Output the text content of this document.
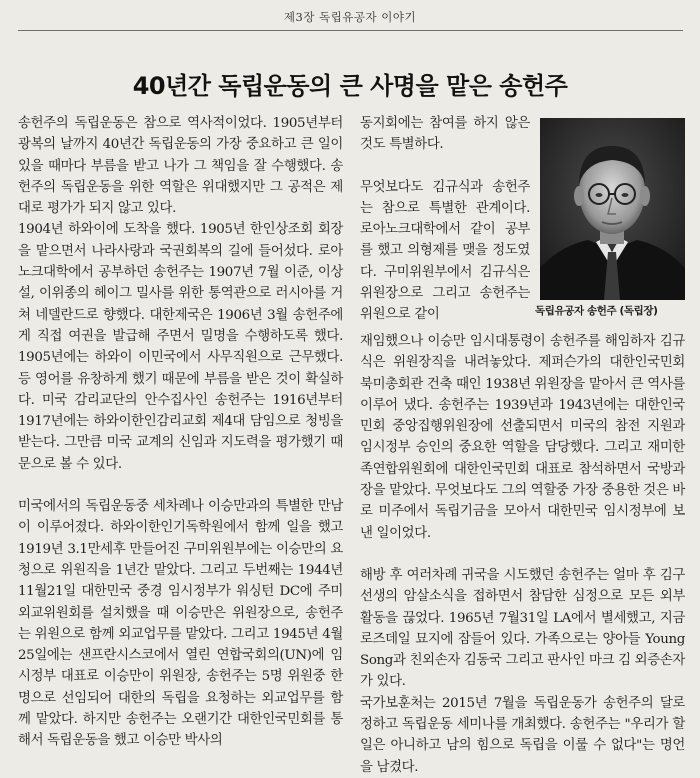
제3장 독립유공자 이야기
40년간 독립운동의 큰 사명을 맡은 송헌주

송헌주의 독립운동은 참으로 역사적이었다. 1905년부터 광복의 날까지 40년간 독립운동의 가장 중요하고 큰 일이 있을 때마다 부름을 받고 나가 그 책임을 잘 수행했다. 송헌주의 독립운동을 위한 역할은 위대했지만 그 공적은 제대로 평가가 되지 않고 있다.

1904년 하와이에 도착을 했다. 1905년 한인상조회 회장을 맡으면서 나라사랑과 국권회복의 길에 들어섰다. 로아노크대학에서 공부하던 송헌주는 1907년 7월 이준, 이상설, 이위종의 헤이그 밀사를 위한 통역관으로 러시아를 거쳐 네델란드로 향했다. 대한제국은 1906년 3월 송헌주에게 직접 여권을 발급해 주면서 밀명을 수행하도록 했다. 1905년에는 하와이 이민국에서 사무직원으로 근무했다. 등 영어를 유창하게 했기 때문에 부름을 받은 것이 확실하다. 미국 감리교단의 안수집사인 송헌주는 1916년부터 1917년에는 하와이한인감리교회 제4대 담임으로 청빙을 받는다. 그만큼 미국 교계의 신임과 지도력을 평가했기 때문으로 볼 수 있다.

미국에서의 독립운동중 세차례나 이승만과의 특별한 만남이 이루어졌다. 하와이한인기독학원에서 함께 일을 했고 1919년 3.1만세후 만들어진 구미위원부에는 이승만의 요청으로 위원직을 1년간 맡았다. 그리고 두번째는 1944년 11월21일 대한민국 중경 임시정부가 워싱턴 DC에 주미외교위원회를 설치했을 때 이승만은 위원장으로, 송헌주는 위원으로 함께 외교업무를 맡았다. 그리고 1945년 4월25일에는 샌프란시스코에서 열린 연합국회의(UN)에 임시정부 대표로 이승만이 위원장, 송헌주는 5명 위원중 한명으로 선임되어 대한의 독립을 요청하는 외교업무를 함께 맡았다. 하지만 송헌주는 오랜기간 대한인국민회를 통해서 독립운동을 했고 이승만 박사의

동지회에는 참여를 하지 않은 것도 특별하다.

무엇보다도 김규식과 송헌주는 참으로 특별한 관계이다. 로아노크대학에서 같이 공부를 했고 의형제를 맺을 정도였다. 구미위원부에서 김규식은 위원장으로 그리고 송헌주는 위원으로 같이	독립유공자 송헌주 (독립장)

재임했으나 이승만 임시대통령이 송헌주를 해임하자 김규식은 위원장직을 내려놓았다. 제퍼슨가의 대한인국민회 북미총회관 건축 때인 1938년 위원장을 맡아서 큰 역사를 이루어 냈다. 송헌주는 1939년과 1943년에는 대한인국민회 중앙집행위원장에 선출되면서 미국의 참전 지원과 임시정부 승인의 중요한 역할을 담당했다. 그리고 재미한족연합위원회에 대한인국민회 대표로 참석하면서 국방과장을 맡았다. 무엇보다도 그의 역할중 가장 중용한 것은 바로 미주에서 독립기금을 모아서 대한민국 임시정부에 보낸 일이었다.

해방 후 여러차례 귀국을 시도했던 송헌주는 얼마 후 김구 선생의 암살소식을 접하면서 참담한 심정으로 모든 외부 활동을 끊었다. 1965년 7월31일 LA에서 별세했고, 지금 로즈데일 묘지에 잠들어 있다. 가족으로는 양아들 Young Song과 친외손자 김동국 그리고 판사인 마크 김 외증손자가 있다.

국가보훈처는 2015년 7월을 독립운동가 송헌주의 달로 정하고 독립운동 세미나를 개최했다. 송헌주는 "우리가 할 일은 아니하고 남의 힘으로 독립을 이룰 수 없다"는 명언을 남겼다.
